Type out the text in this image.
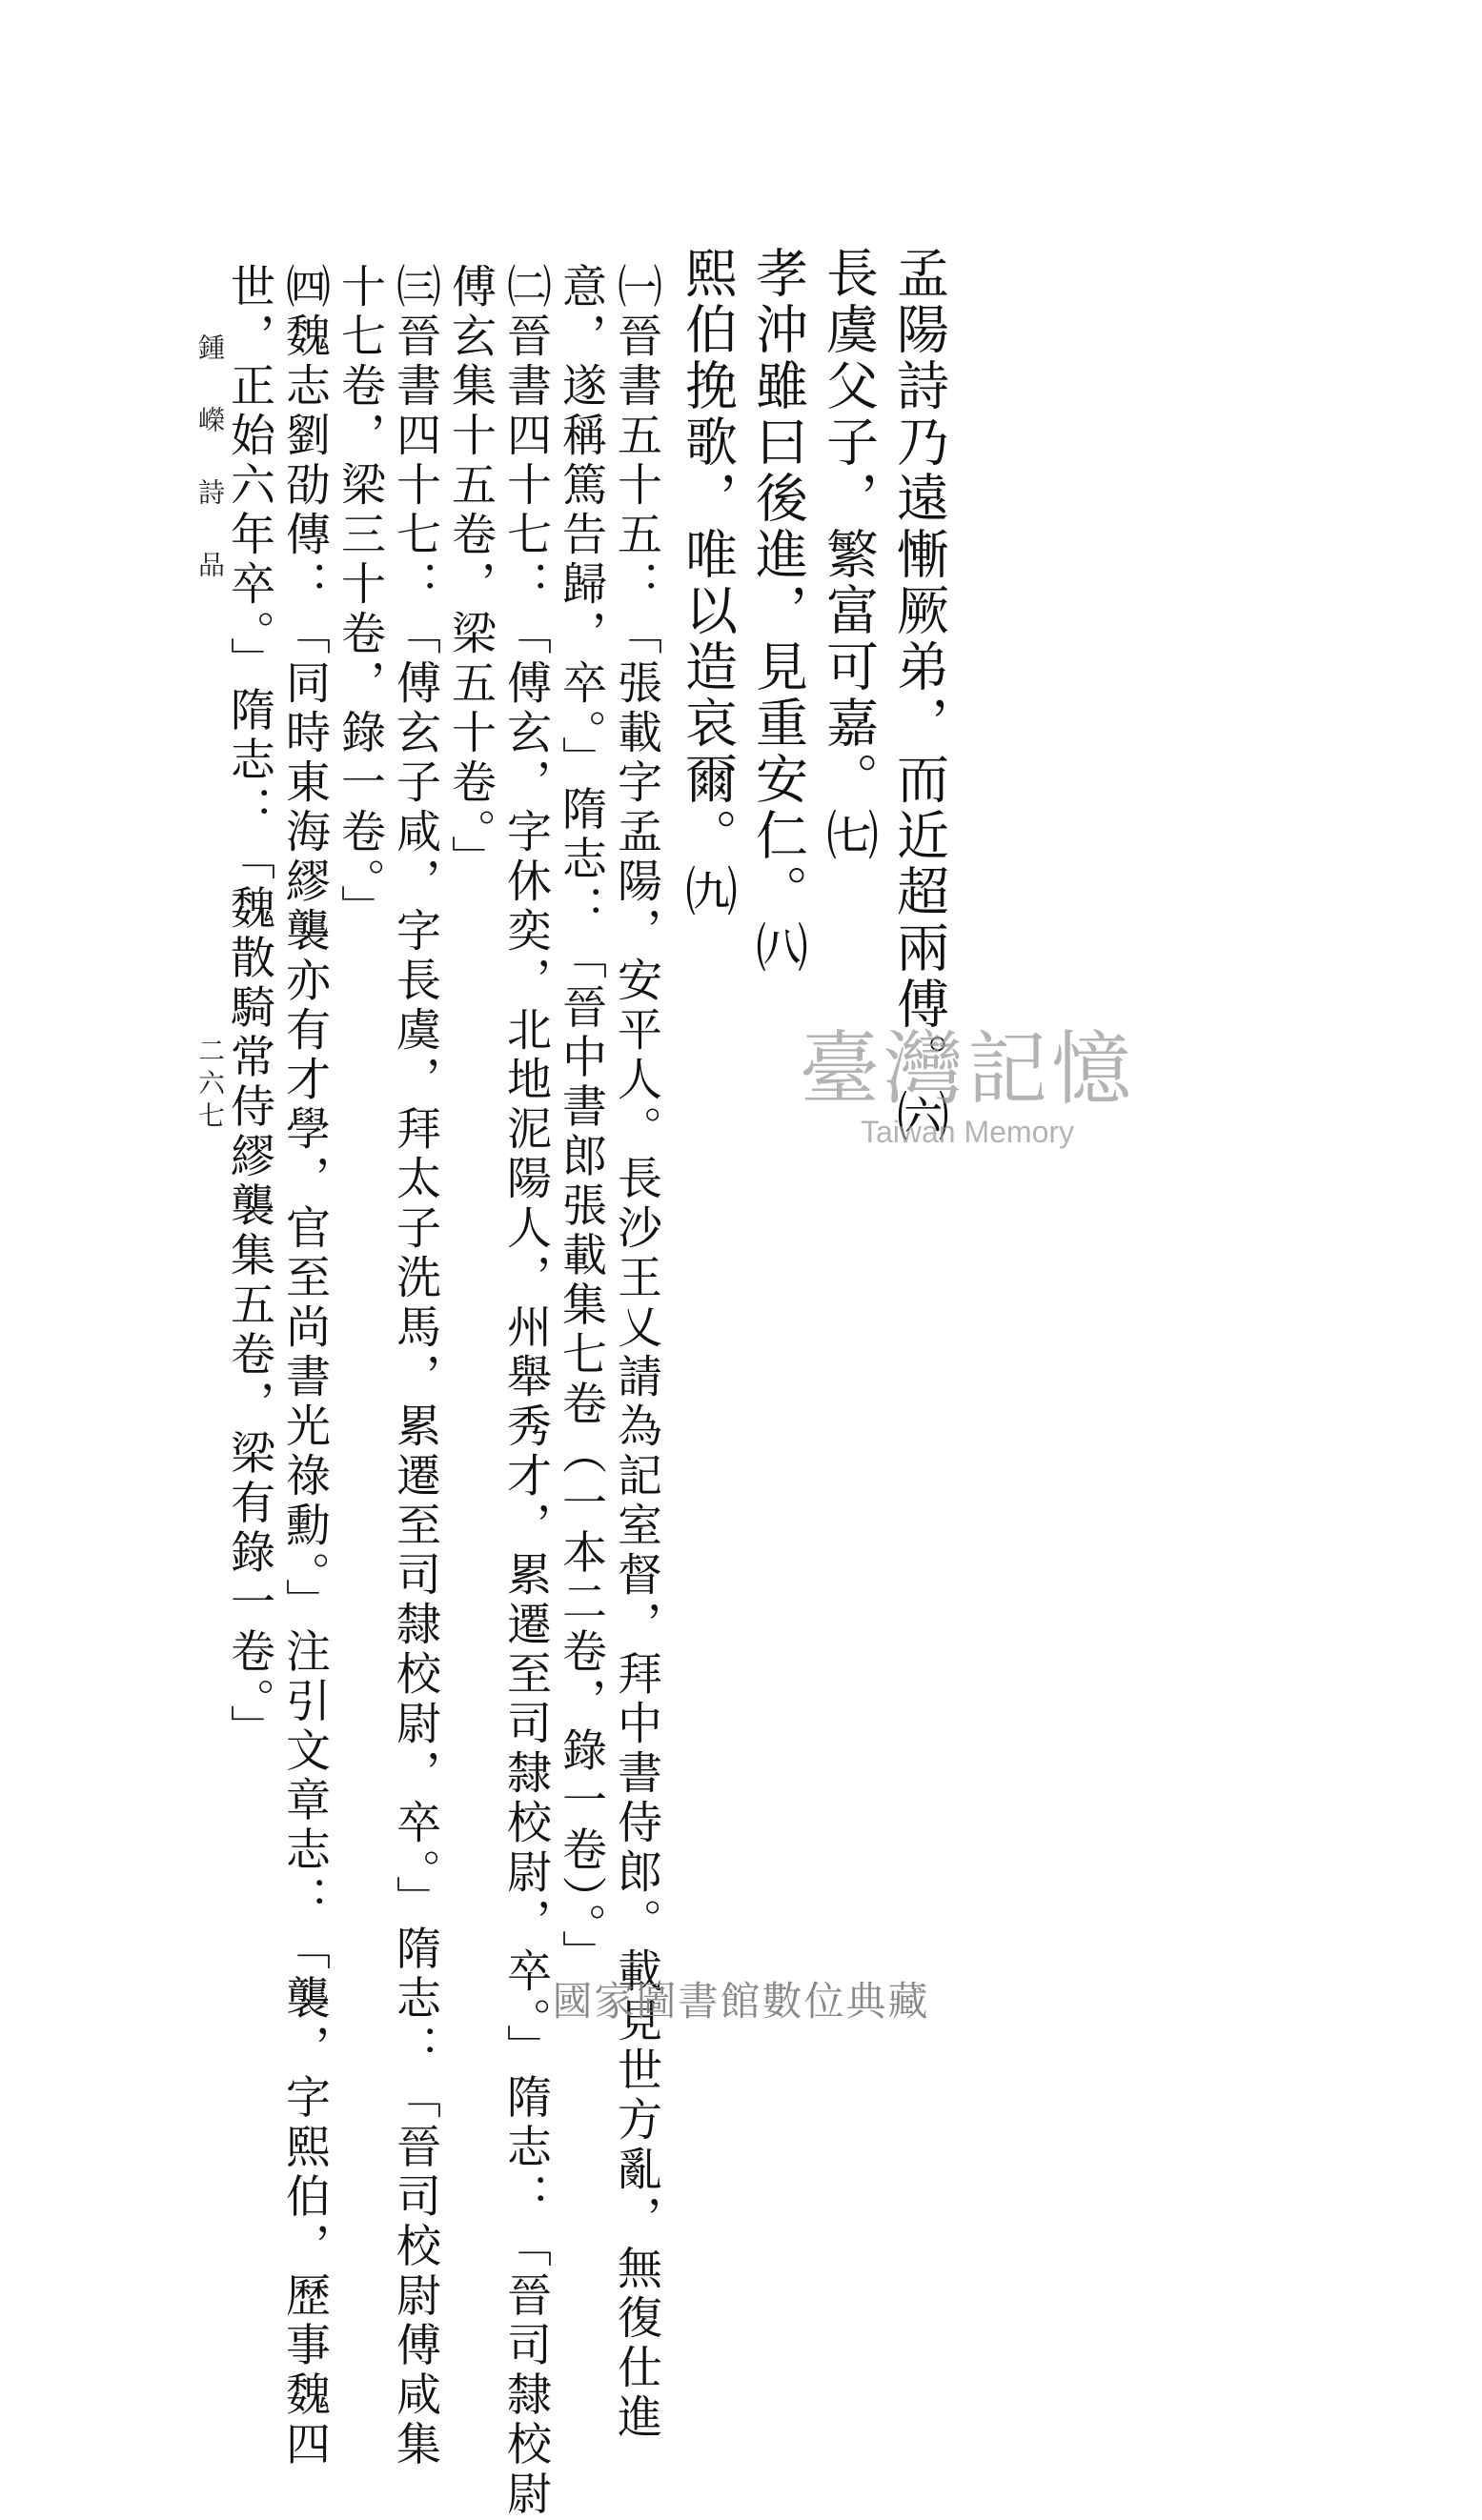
孟陽詩乃遠慚厥弟，而近超兩傅。㈥
長虞父子，繁富可嘉。㈦
孝沖雖曰後進，見重安仁。㈧
熙伯挽歌，唯以造哀爾。㈨
㈠晉書五十五：「張載字孟陽，安平人。長沙王乂請為記室督，拜中書侍郎。載見世方亂，無復仕進
意，遂稱篤告歸，卒。」隋志：「晉中書郎張載集七卷（一本二卷，錄一卷）。」
㈡晉書四十七：「傅玄，字休奕，北地泥陽人，州舉秀才，累遷至司隸校尉，卒。」隋志：「晉司隸校尉
傅玄集十五卷，梁五十卷。」
㈢晉書四十七：「傅玄子咸，字長虞，拜太子洗馬，累遷至司隸校尉，卒。」隋志：「晉司校尉傅咸集
十七卷，梁三十卷，錄一卷。」
㈣魏志劉劭傳：「同時東海繆襲亦有才學，官至尚書光祿勳。」注引文章志：「襲，字熙伯，歷事魏四
世，正始六年卒。」隋志：「魏散騎常侍繆襲集五卷，梁有錄一卷。」
鍾嶸詩品
二六七	臺灣記憶
Taiwan Memory
國家圖書館數位典藏
